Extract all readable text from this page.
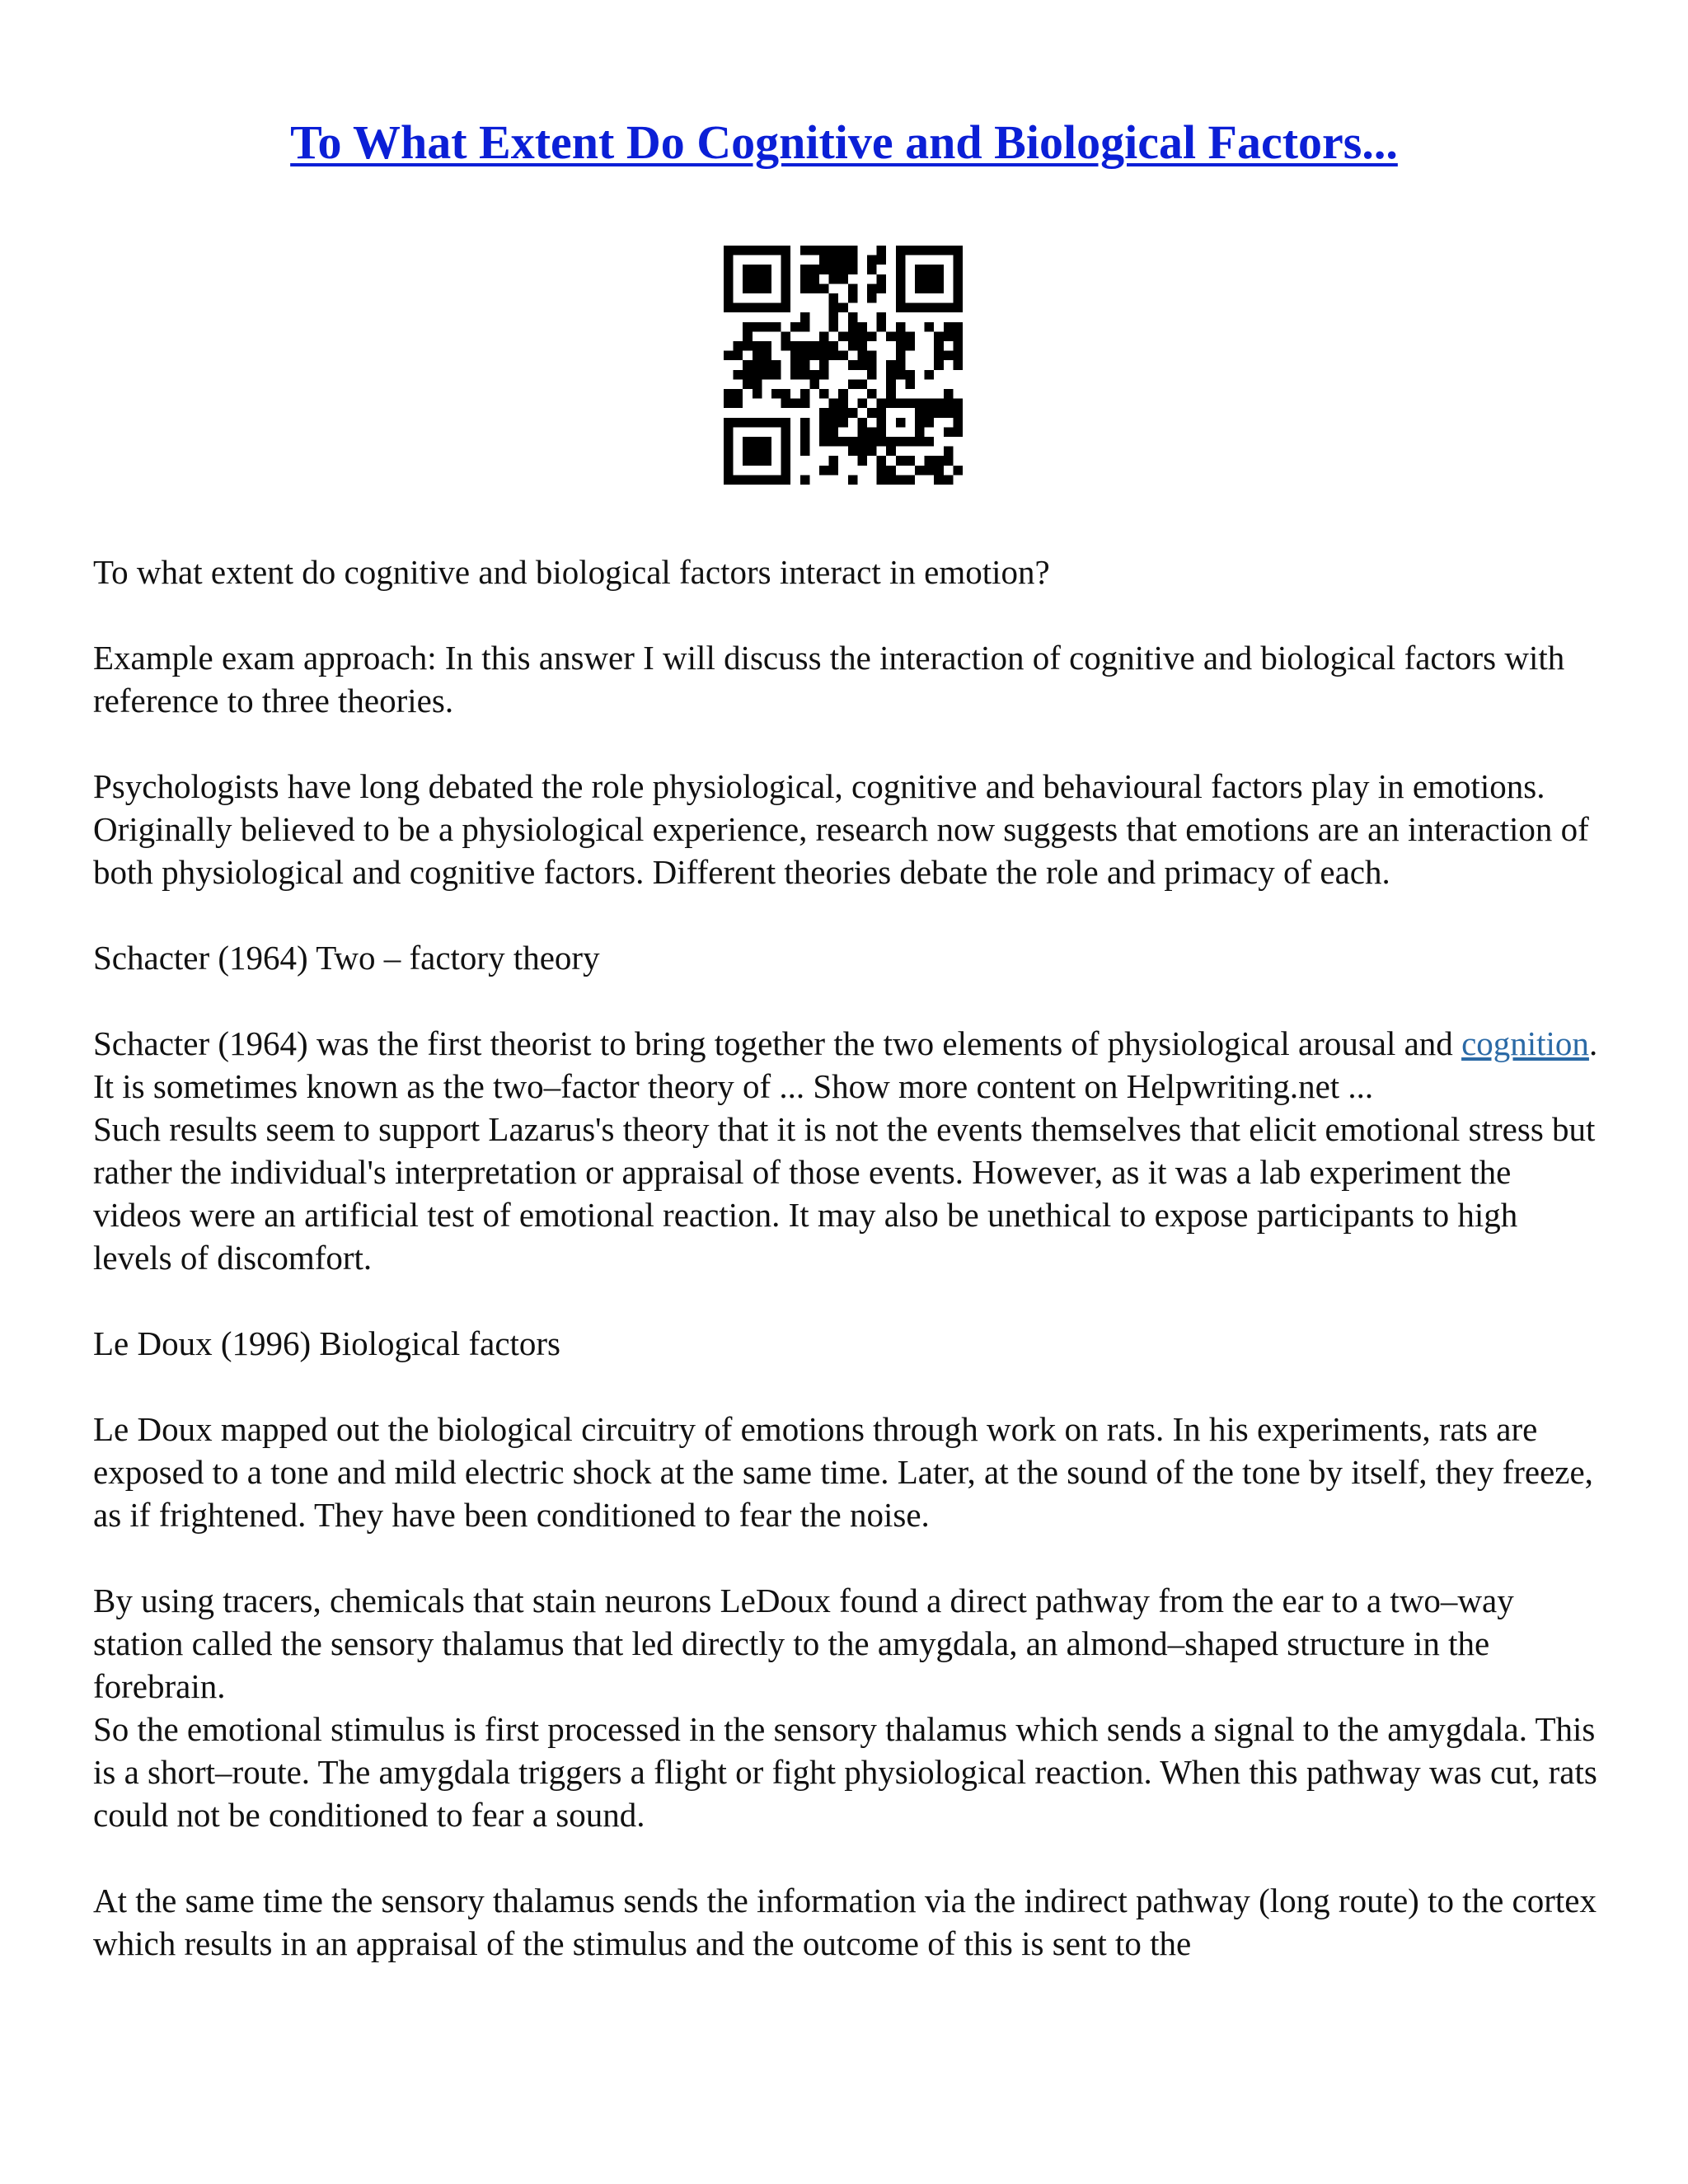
To What Extent Do Cognitive and Biological Factors...

To what extent do cognitive and biological factors interact in emotion?

Example exam approach: In this answer I will discuss the interaction of cognitive and biological factors with reference to three theories.

Psychologists have long debated the role physiological, cognitive and behavioural factors play in emotions. Originally believed to be a physiological experience, research now suggests that emotions are an interaction of both physiological and cognitive factors. Different theories debate the role and primacy of each.

Schacter (1964) Two – factory theory

Schacter (1964) was the first theorist to bring together the two elements of physiological arousal and cognition. It is sometimes known as the two–factor theory of ... Show more content on Helpwriting.net ...

Such results seem to support Lazarus's theory that it is not the events themselves that elicit emotional stress but rather the individual's interpretation or appraisal of those events. However, as it was a lab experiment the videos were an artificial test of emotional reaction. It may also be unethical to expose participants to high levels of discomfort.

Le Doux (1996) Biological factors

Le Doux mapped out the biological circuitry of emotions through work on rats. In his experiments, rats are exposed to a tone and mild electric shock at the same time. Later, at the sound of the tone by itself, they freeze, as if frightened. They have been conditioned to fear the noise.

By using tracers, chemicals that stain neurons LeDoux found a direct pathway from the ear to a two–way station called the sensory thalamus that led directly to the amygdala, an almond–shaped structure in the forebrain.

So the emotional stimulus is first processed in the sensory thalamus which sends a signal to the amygdala. This is a short–route. The amygdala triggers a flight or fight physiological reaction. When this pathway was cut, rats could not be conditioned to fear a sound.

At the same time the sensory thalamus sends the information via the indirect pathway (long route) to the cortex which results in an appraisal of the stimulus and the outcome of this is sent to the
